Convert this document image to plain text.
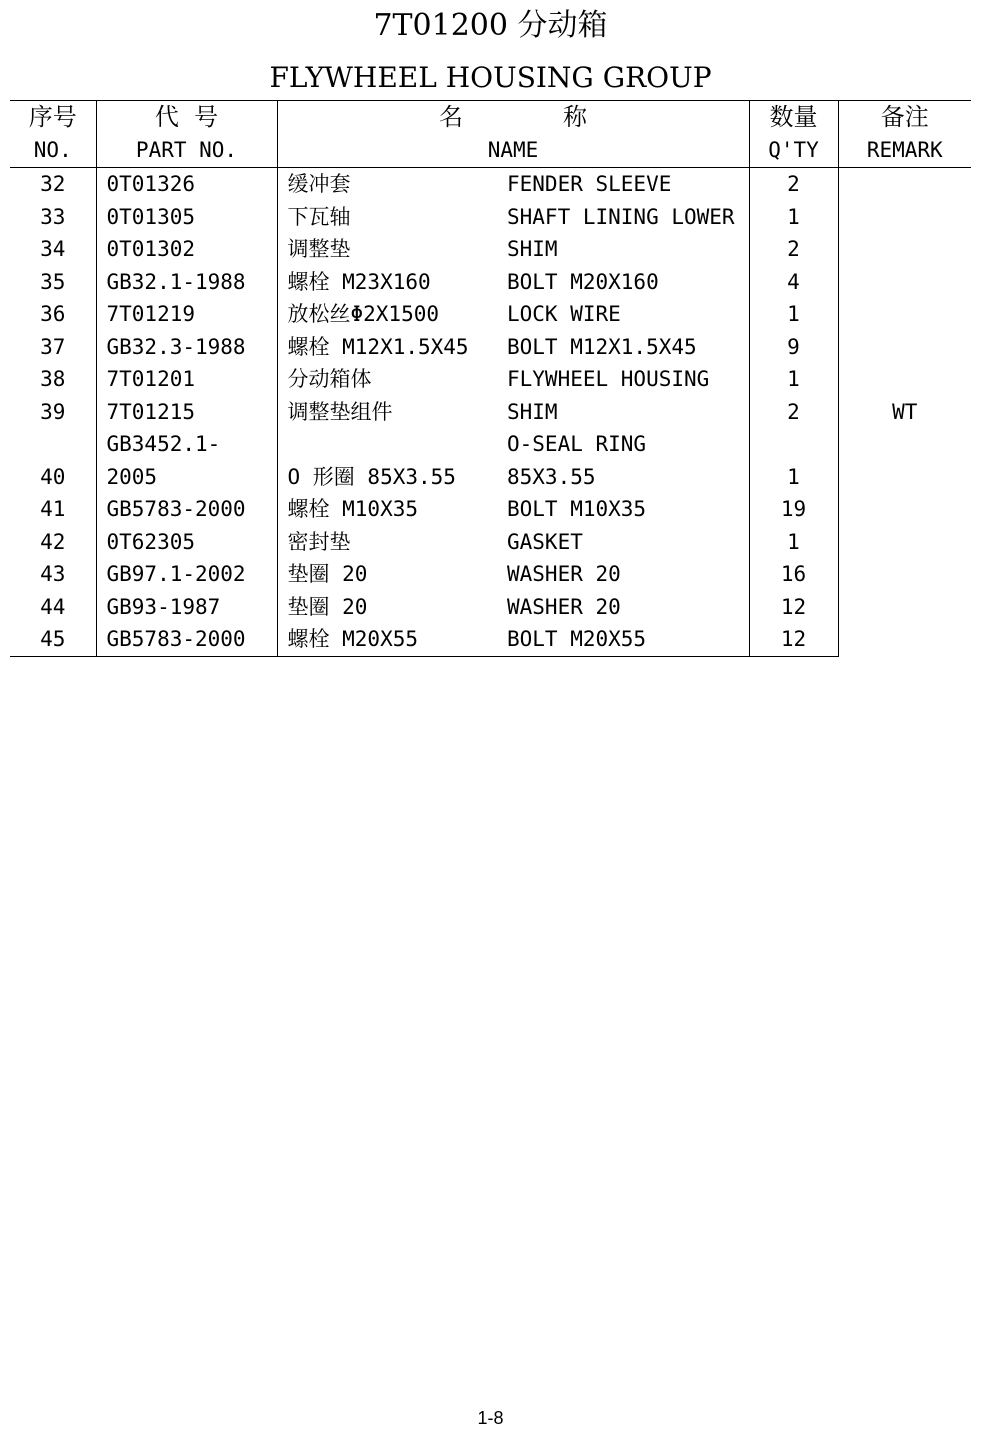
7T01200 分动箱
FLYWHEEL HOUSING GROUP
序号	代  号	名 称		数量	备注
NO.	PART NO.	NAME		Q'TY	REMARK
32	0T01326	缓冲套	FENDER SLEEVE	2	WT
33	0T01305	下瓦轴	SHAFT LINING LOWER	1	
34	0T01302	调整垫	SHIM	2	
35	GB32.1-1988	螺栓 M23X160	BOLT M20X160	4	
36	7T01219	放松丝Φ2X1500	LOCK WIRE	1	
37	GB32.3-1988	螺栓 M12X1.5X45	BOLT M12X1.5X45	9	
38	7T01201	分动箱体	FLYWHEEL HOUSING	1	
39	7T01215	调整垫组件	SHIM	2	
	GB3452.1-		O-SEAL RING		
40	2005	O 形圈 85X3.55	85X3.55	1	
41	GB5783-2000	螺栓 M10X35	BOLT M10X35	19	
42	0T62305	密封垫	GASKET	1	
43	GB97.1-2002	垫圈 20	WASHER 20	16	
44	GB93-1987	垫圈 20	WASHER 20	12	
45	GB5783-2000	螺栓 M20X55	BOLT M20X55	12	
1-8
